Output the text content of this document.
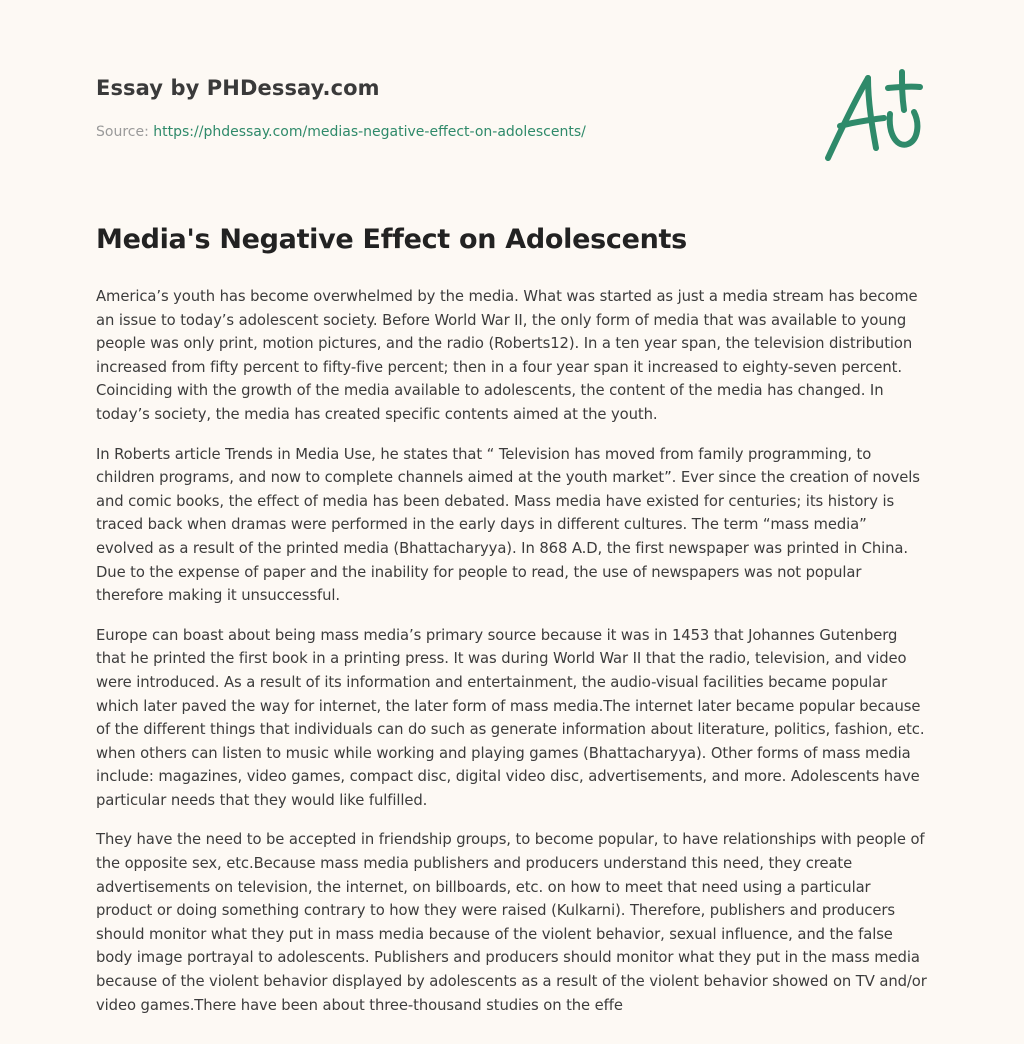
Essay by PHDessay.com
Source: https://phdessay.com/medias-negative-effect-on-adolescents/
Media's Negative Effect on Adolescents

America’s youth has become overwhelmed by the media. What was started as just a media stream has become an issue to today’s adolescent society. Before World War II, the only form of media that was available to young people was only print, motion pictures, and the radio (Roberts12). In a ten year span, the television distribution increased from fifty percent to fifty-five percent; then in a four year span it increased to eighty-seven percent. Coinciding with the growth of the media available to adolescents, the content of the media has changed. In today’s society, the media has created specific contents aimed at the youth.

In Roberts article Trends in Media Use, he states that “ Television has moved from family programming, to children programs, and now to complete channels aimed at the youth market”. Ever since the creation of novels and comic books, the effect of media has been debated. Mass media have existed for centuries; its history is traced back when dramas were performed in the early days in different cultures. The term “mass media” evolved as a result of the printed media (Bhattacharyya). In 868 A.D, the first newspaper was printed in China. Due to the expense of paper and the inability for people to read, the use of newspapers was not popular therefore making it unsuccessful.

Europe can boast about being mass media’s primary source because it was in 1453 that Johannes Gutenberg that he printed the first book in a printing press. It was during World War II that the radio, television, and video were introduced. As a result of its information and entertainment, the audio-visual facilities became popular which later paved the way for internet, the later form of mass media.The internet later became popular because of the different things that individuals can do such as generate information about literature, politics, fashion, etc. when others can listen to music while working and playing games (Bhattacharyya). Other forms of mass media include: magazines, video games, compact disc, digital video disc, advertisements, and more. Adolescents have particular needs that they would like fulfilled.

They have the need to be accepted in friendship groups, to become popular, to have relationships with people of the opposite sex, etc.Because mass media publishers and producers understand this need, they create advertisements on television, the internet, on billboards, etc. on how to meet that need using a particular product or doing something contrary to how they were raised (Kulkarni). Therefore, publishers and producers should monitor what they put in mass media because of the violent behavior, sexual influence, and the false body image portrayal to adolescents. Publishers and producers should monitor what they put in the mass media because of the violent behavior displayed by adolescents as a result of the violent behavior showed on TV and/or video games.There have been about three-thousand studies on the effe
